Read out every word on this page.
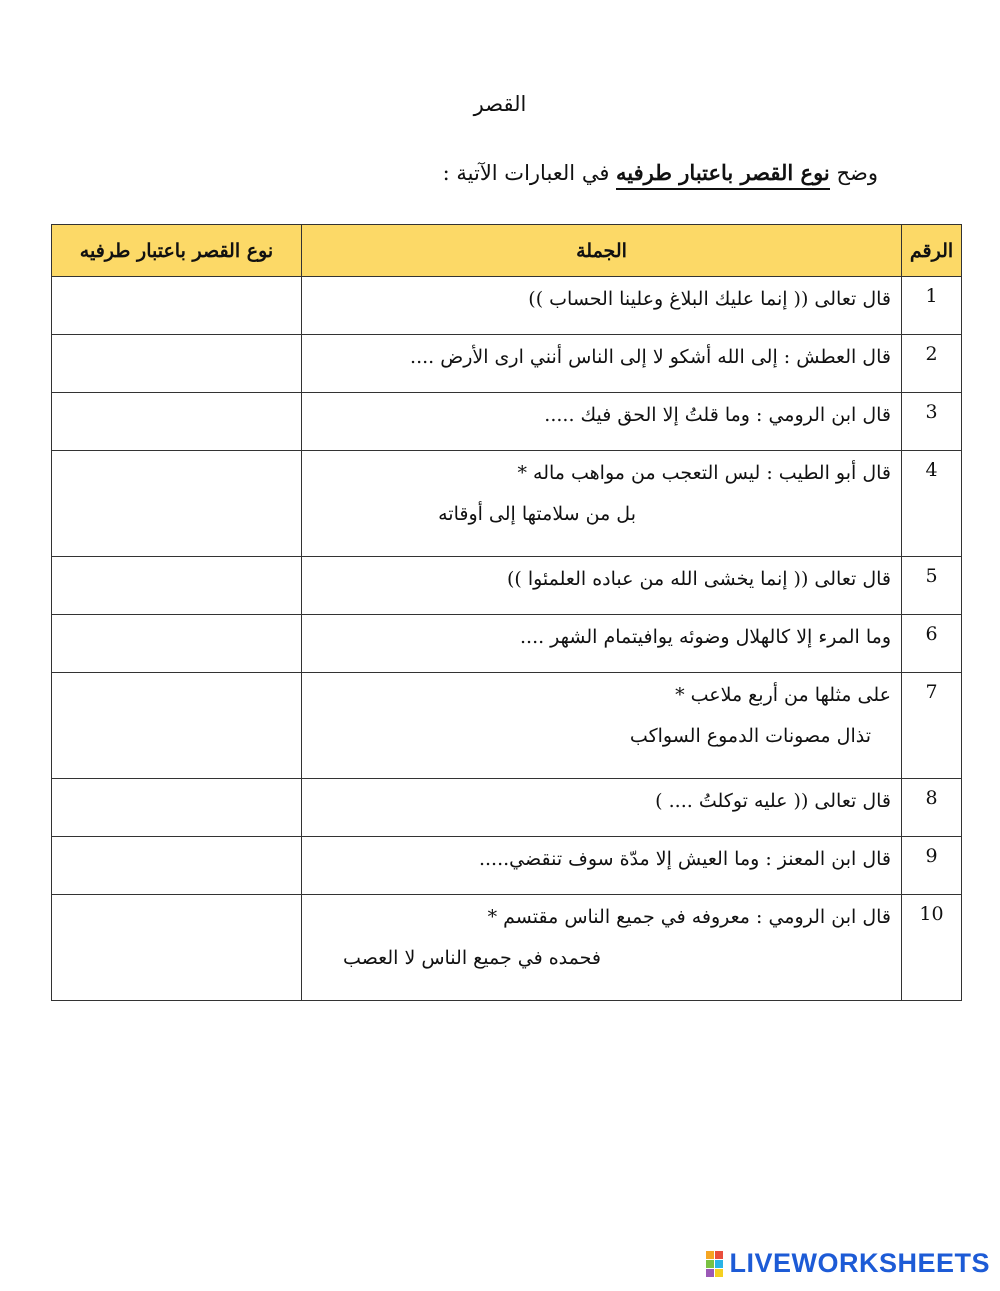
القصر
وضح نوع القصر باعتبار طرفيه في العبارات الآتية :
الرقم	الجملة	نوع القصر باعتبار طرفيه
1	قال تعالى (( إنما عليك البلاغ وعلينا الحساب ))	
2	قال العطش : إلى الله أشكو لا إلى الناس أنني ارى الأرض ....	
3	قال ابن الرومي : وما قلتُ إلا الحق فيك .....	
4	قال أبو الطيب : ليس التعجب من مواهب ماله *
بل من سلامتها إلى أوقاته	

5	قال تعالى (( إنما يخشى الله من عباده العلمئوا ))	
6	وما المرء إلا كالهلال وضوئه يوافيتمام الشهر ....	
7	على مثلها من أربع ملاعب *
تذال مصونات الدموع السواكب	

8	قال تعالى (( عليه توكلتُ .... )	
9	قال ابن المعنز : وما العيش إلا مدّة سوف تنقضي.....	
10	قال ابن الرومي : معروفه في جميع الناس مقتسم *
فحمده في جميع الناس لا العصب	

LIVEWORKSHEETS
